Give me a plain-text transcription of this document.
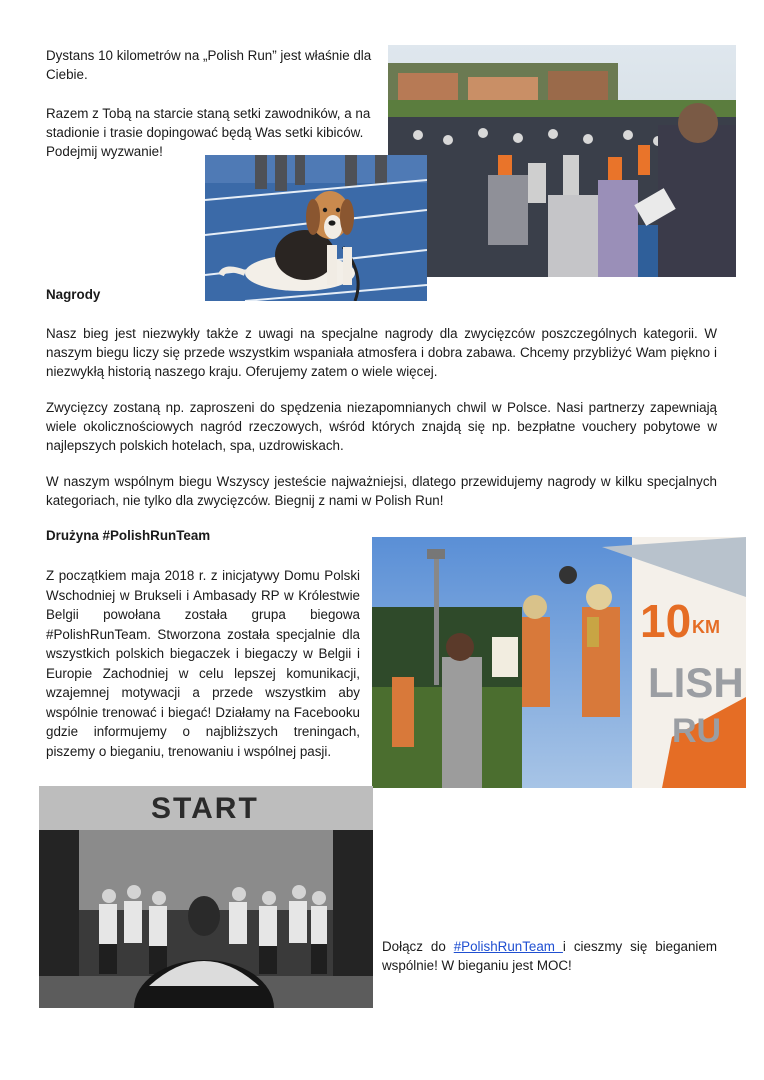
Dystans 10 kilometrów na „Polish Run” jest właśnie dla Ciebie.

Razem z Tobą na starcie staną setki zawodników, a na stadionie i trasie dopingować będą Was setki kibiców. Podejmij wyzwanie!

Nagrody

Nasz bieg jest niezwykły także z uwagi na specjalne nagrody dla zwycięzców poszczególnych kategorii. W naszym biegu liczy się przede wszystkim wspaniała atmosfera i dobra zabawa. Chcemy przybliżyć Wam piękno i niezwykłą historią naszego kraju. Oferujemy zatem o wiele więcej.

Zwycięzcy zostaną np. zaproszeni do spędzenia niezapomnianych chwil w Polsce. Nasi partnerzy zapewniają wiele okolicznościowych nagród rzeczowych, wśród których znajdą się np. bezpłatne vouchery pobytowe w najlepszych polskich hotelach, spa, uzdrowiskach.

W naszym wspólnym biegu Wszyscy jesteście najważniejsi, dlatego przewidujemy nagrody w kilku specjalnych kategoriach, nie tylko dla zwycięzców. Biegnij z nami w Polish Run!

Drużyna #PolishRunTeam

Z początkiem maja 2018 r. z inicjatywy Domu Polski Wschodniej w Brukseli i Ambasady RP w Królestwie Belgii powołana została grupa biegowa #PolishRunTeam. Stworzona została specjalnie dla wszystkich polskich biegaczek i biegaczy w Belgii i Europie Zachodniej w celu lepszej komunikacji, wzajemnej motywacji a przede wszystkim aby wspólnie trenować i biegać! Działamy na Facebooku gdzie informujemy o najbliższych treningach, piszemy o bieganiu, trenowaniu i wspólnej pasji.

10 KM
LISH
RU
START

Dołącz do #PolishRunTeam i cieszmy się bieganiem wspólnie! W bieganiu jest MOC!
